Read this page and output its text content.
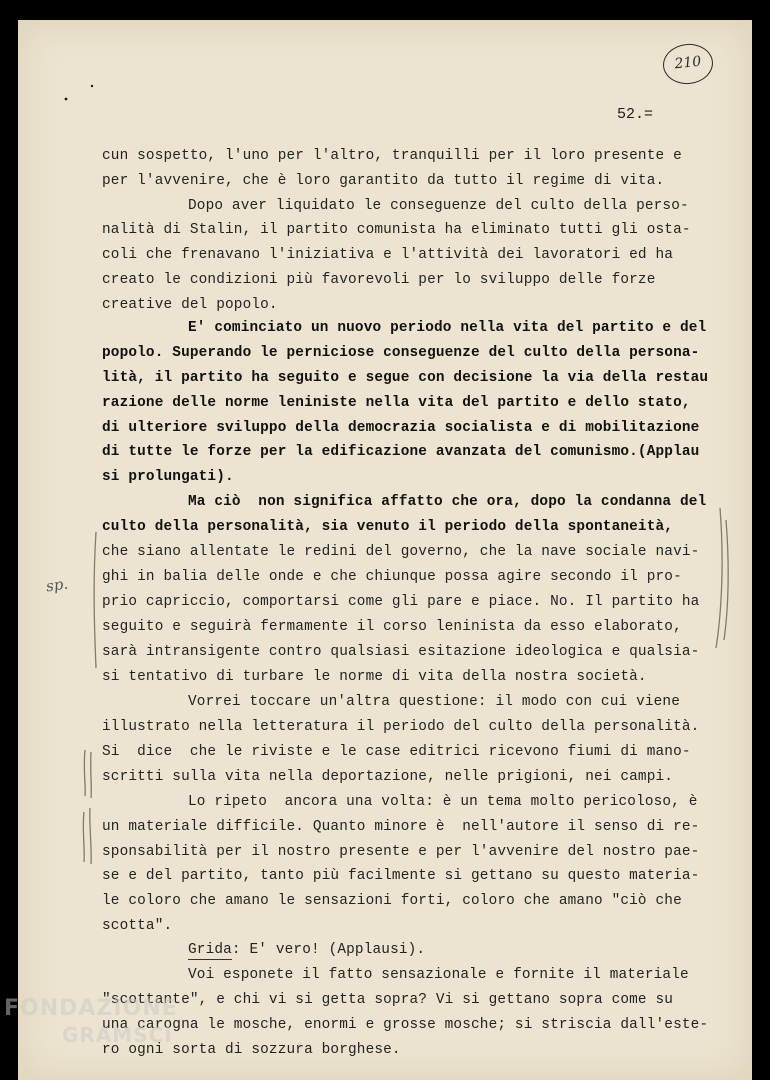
210
52.=
cun sospetto, l'uno per l'altro, tranquilli per il loro presente e
per l'avvenire, che è loro garantito da tutto il regime di vita.
Dopo aver liquidato le conseguenze del culto della perso-
nalità di Stalin, il partito comunista ha eliminato tutti gli osta-
coli che frenavano l'iniziativa e l'attività dei lavoratori ed ha
creato le condizioni più favorevoli per lo sviluppo delle forze
creative del popolo.
E' cominciato un nuovo periodo nella vita del partito e del
popolo. Superando le perniciose conseguenze del culto della persona-
lità, il partito ha seguito e segue con decisione la via della restau
razione delle norme leniniste nella vita del partito e dello stato,
di ulteriore sviluppo della democrazia socialista e di mobilitazione
di tutte le forze per la edificazione avanzata del comunismo.(Applau
si prolungati).
Ma ciò  non significa affatto che ora, dopo la condanna del
culto della personalità, sia venuto il periodo della spontaneità,
che siano allentate le redini del governo, che la nave sociale navi-
ghi in balia delle onde e che chiunque possa agire secondo il pro-
prio capriccio, comportarsi come gli pare e piace. No. Il partito ha
seguito e seguirà fermamente il corso leninista da esso elaborato,
sarà intransigente contro qualsiasi esitazione ideologica e qualsia-
si tentativo di turbare le norme di vita della nostra società.
Vorrei toccare un'altra questione: il modo con cui viene
illustrato nella letteratura il periodo del culto della personalità.
Si  dice  che le riviste e le case editrici ricevono fiumi di mano-
scritti sulla vita nella deportazione, nelle prigioni, nei campi.
Lo ripeto  ancora una volta: è un tema molto pericoloso, è
un materiale difficile. Quanto minore è  nell'autore il senso di re-
sponsabilità per il nostro presente e per l'avvenire del nostro pae-
se e del partito, tanto più facilmente si gettano su questo materia-
le coloro che amano le sensazioni forti, coloro che amano "ciò che
scotta".
Grida: E' vero! (Applausi).
Voi esponete il fatto sensazionale e fornite il materiale
"scottante", e chi vi si getta sopra? Vi si gettano sopra come su
una carogna le mosche, enormi e grosse mosche; si striscia dall'este-
ro ogni sorta di sozzura borghese.
sp.
FONDAZIONE
GRAMSCI
